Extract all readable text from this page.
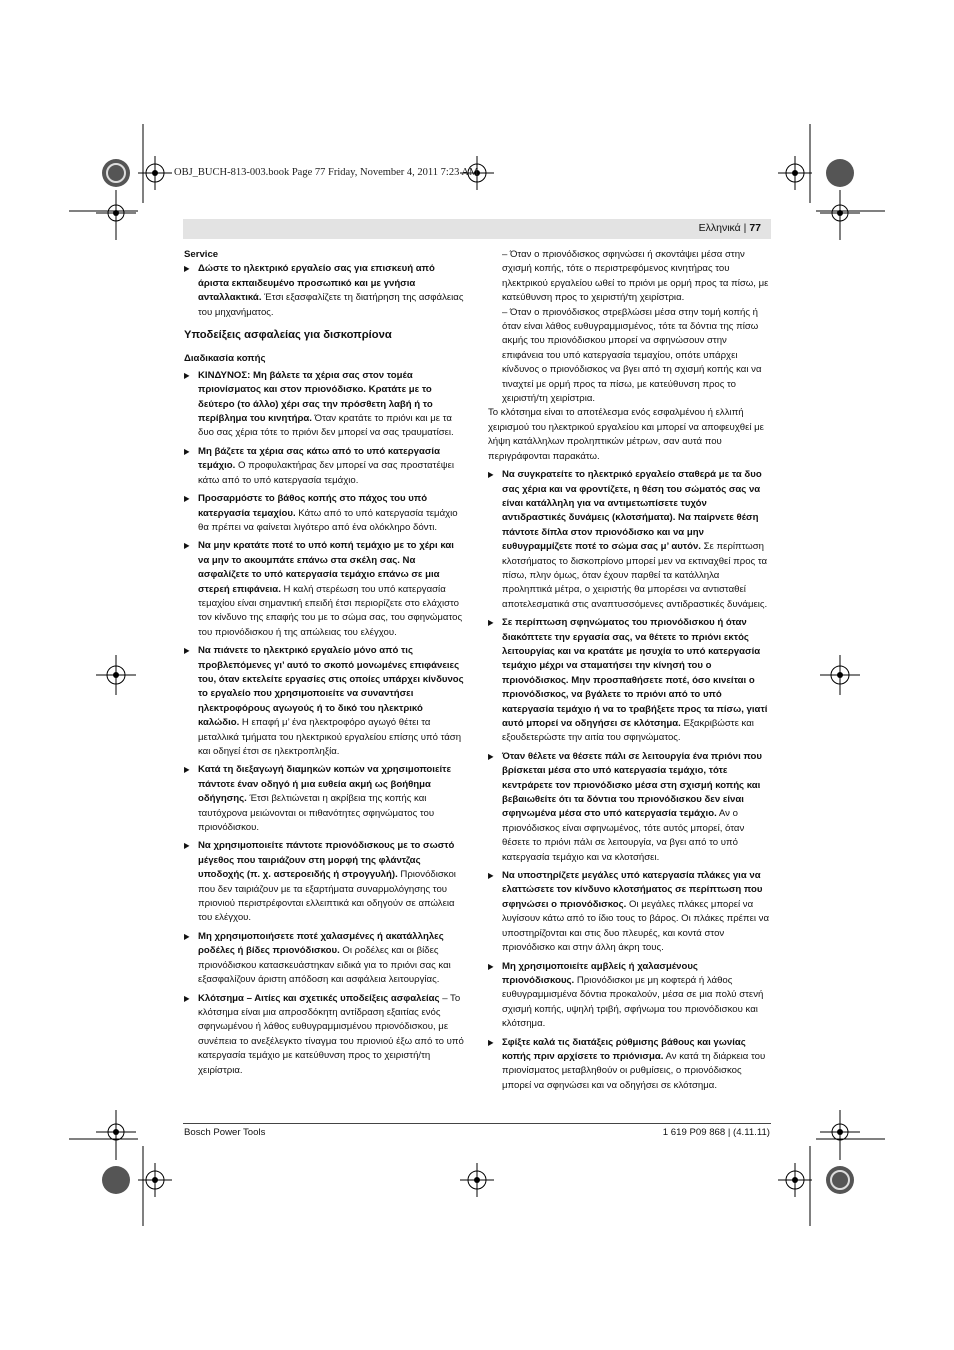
OBJ_BUCH-813-003.book Page 77 Friday, November 4, 2011 7:23 AM
Ελληνικά | 77

Service

▶ Δώστε το ηλεκτρικό εργαλείο σας για επισκευή από άριστα εκπαιδευμένο προσωπικό και με γνήσια ανταλλακτικά. Έτσι εξασφαλίζετε τη διατήρηση της ασφάλειας του μηχανήματος.

Υποδείξεις ασφαλείας για δισκοπρίονα

Διαδικασία κοπής

▶ ΚΙΝΔΥΝΟΣ: Μη βάλετε τα χέρια σας στον τομέα πριονίσματος και στον πριονόδισκο. Κρατάτε με το δεύτερο (το άλλο) χέρι σας την πρόσθετη λαβή ή το περίβλημα του κινητήρα. Όταν κρατάτε το πριόνι και με τα δυο σας χέρια τότε το πριόνι δεν μπορεί να σας τραυματίσει.
▶ Μη βάζετε τα χέρια σας κάτω από το υπό κατεργασία τεμάχιο. Ο προφυλακτήρας δεν μπορεί να σας προστατέψει κάτω από το υπό κατεργασία τεμάχιο.
▶ Προσαρμόστε το βάθος κοπής στο πάχος του υπό κατεργασία τεμαχίου. Κάτω από το υπό κατεργασία τεμάχιο θα πρέπει να φαίνεται λιγότερο από ένα ολόκληρο δόντι.
▶ Να μην κρατάτε ποτέ το υπό κοπή τεμάχιο με το χέρι και να μην το ακουμπάτε επάνω στα σκέλη σας. Να ασφαλίζετε το υπό κατεργασία τεμάχιο επάνω σε μια στερεή επιφάνεια. Η καλή στερέωση του υπό κατεργασία τεμαχίου είναι σημαντική επειδή έτσι περιορίζετε στο ελάχιστο τον κίνδυνο της επαφής του με το σώμα σας, του σφηνώματος του πριονόδισκου ή της απώλειας του ελέγχου.
▶ Να πιάνετε το ηλεκτρικό εργαλείο μόνο από τις προβλεπόμενες γι’ αυτό το σκοπό μονωμένες επιφάνειες του, όταν εκτελείτε εργασίες στις οποίες υπάρχει κίνδυνος το εργαλείο που χρησιμοποιείτε να συναντήσει ηλεκτροφόρους αγωγούς ή το δικό του ηλεκτρικό καλώδιο. Η επαφή μ’ ένα ηλεκτροφόρο αγωγό θέτει τα μεταλλικά τμήματα του ηλεκτρικού εργαλείου επίσης υπό τάση και οδηγεί έτσι σε ηλεκτροπληξία.
▶ Κατά τη διεξαγωγή διαμηκών κοπών να χρησιμοποιείτε πάντοτε έναν οδηγό ή μια ευθεία ακμή ως βοήθημα οδήγησης. Έτσι βελτιώνεται η ακρίβεια της κοπής και ταυτόχρονα μειώνονται οι πιθανότητες σφηνώματος του πριονόδισκου.
▶ Να χρησιμοποιείτε πάντοτε πριονόδισκους με το σωστό μέγεθος που ταιριάζουν στη μορφή της φλάντζας υποδοχής (π. χ. αστεροειδής ή στρογγυλή). Πριονόδισκοι που δεν ταιριάζουν με τα εξαρτήματα συναρμολόγησης του πριονιού περιστρέφονται ελλειπτικά και οδηγούν σε απώλεια του ελέγχου.
▶ Μη χρησιμοποιήσετε ποτέ χαλασμένες ή ακατάλληλες ροδέλες ή βίδες πριονόδισκου. Οι ροδέλες και οι βίδες πριονόδισκου κατασκευάστηκαν ειδικά για το πριόνι σας και εξασφαλίζουν άριστη απόδοση και ασφάλεια λειτουργίας.
▶ Κλότσημα – Αιτίες και σχετικές υποδείξεις ασφαλείας – Το κλότσημα είναι μια απροσδόκητη αντίδραση εξαιτίας ενός σφηνωμένου ή λάθος ευθυγραμμισμένου πριονόδισκου, με συνέπεια το ανεξέλεγκτο τίναγμα του πριονιού έξω από το υπό κατεργασία τεμάχιο με κατεύθυνση προς το χειριστή/τη χειρίστρια.

– Όταν ο πριονόδισκος σφηνώσει ή σκοντάψει μέσα στην σχισμή κοπής, τότε ο περιστρεφόμενος κινητήρας του ηλεκτρικού εργαλείου ωθεί το πριόνι με ορμή προς τα πίσω, με κατεύθυνση προς το χειριστή/τη χειρίστρια.

– Όταν ο πριονόδισκος στρεβλώσει μέσα στην τομή κοπής ή όταν είναι λάθος ευθυγραμμισμένος, τότε τα δόντια της πίσω ακμής του πριονόδισκου μπορεί να σφηνώσουν στην επιφάνεια του υπό κατεργασία τεμαχίου, οπότε υπάρχει κίνδυνος ο πριονόδισκος να βγει από τη σχισμή κοπής και να τιναχτεί με ορμή προς τα πίσω, με κατεύθυνση προς το χειριστή/τη χειρίστρια.

Το κλότσημα είναι το αποτέλεσμα ενός εσφαλμένου ή ελλιπή χειρισμού του ηλεκτρικού εργαλείου και μπορεί να αποφευχθεί με λήψη κατάλληλων προληπτικών μέτρων, σαν αυτά που περιγράφονται παρακάτω.

▶ Να συγκρατείτε το ηλεκτρικό εργαλείο σταθερά με τα δυο σας χέρια και να φροντίζετε, η θέση του σώματός σας να είναι κατάλληλη για να αντιμετωπίσετε τυχόν αντιδραστικές δυνάμεις (κλοτσήματα). Να παίρνετε θέση πάντοτε δίπλα στον πριονόδισκο και να μην ευθυγραμμίζετε ποτέ το σώμα σας μ’ αυτόν. Σε περίπτωση κλοτσήματος το δισκοπρίονο μπορεί μεν να εκτιναχθεί προς τα πίσω, πλην όμως, όταν έχουν παρθεί τα κατάλληλα προληπτικά μέτρα, ο χειριστής θα μπορέσει να αντισταθεί αποτελεσματικά στις αναπτυσσόμενες αντιδραστικές δυνάμεις.
▶ Σε περίπτωση σφηνώματος του πριονόδισκου ή όταν διακόπτετε την εργασία σας, να θέτετε το πριόνι εκτός λειτουργίας και να κρατάτε με ησυχία το υπό κατεργασία τεμάχιο μέχρι να σταματήσει την κίνησή του ο πριονόδισκος. Μην προσπαθήσετε ποτέ, όσο κινείται ο πριονόδισκος, να βγάλετε το πριόνι από το υπό κατεργασία τεμάχιο ή να το τραβήξετε προς τα πίσω, γιατί αυτό μπορεί να οδηγήσει σε κλότσημα. Εξακριβώστε και εξουδετερώστε την αιτία του σφηνώματος.
▶ Όταν θέλετε να θέσετε πάλι σε λειτουργία ένα πριόνι που βρίσκεται μέσα στο υπό κατεργασία τεμάχιο, τότε κεντράρετε τον πριονόδισκο μέσα στη σχισμή κοπής και βεβαιωθείτε ότι τα δόντια του πριονόδισκου δεν είναι σφηνωμένα μέσα στο υπό κατεργασία τεμάχιο. Αν ο πριονόδισκος είναι σφηνωμένος, τότε αυτός μπορεί, όταν θέσετε το πριόνι πάλι σε λειτουργία, να βγει από το υπό κατεργασία τεμάχιο και να κλοτσήσει.
▶ Να υποστηρίζετε μεγάλες υπό κατεργασία πλάκες για να ελαττώσετε τον κίνδυνο κλοτσήματος σε περίπτωση που σφηνώσει ο πριονόδισκος. Οι μεγάλες πλάκες μπορεί να λυγίσουν κάτω από το ίδιο τους το βάρος. Οι πλάκες πρέπει να υποστηρίζονται και στις δυο πλευρές, και κοντά στον πριονόδισκο και στην άλλη άκρη τους.
▶ Μη χρησιμοποιείτε αμβλείς ή χαλασμένους πριονόδισκους. Πριονόδισκοι με μη κοφτερά ή λάθος ευθυγραμμισμένα δόντια προκαλούν, μέσα σε μια πολύ στενή σχισμή κοπής, υψηλή τριβή, σφήνωμα του πριονόδισκου και κλότσημα.
▶ Σφίξτε καλά τις διατάξεις ρύθμισης βάθους και γωνίας κοπής πριν αρχίσετε το πριόνισμα. Αν κατά τη διάρκεια του πριονίσματος μεταβληθούν οι ρυθμίσεις, ο πριονόδισκος μπορεί να σφηνώσει και να οδηγήσει σε κλότσημα.
Bosch Power Tools	1 619 P09 868 | (4.11.11)
